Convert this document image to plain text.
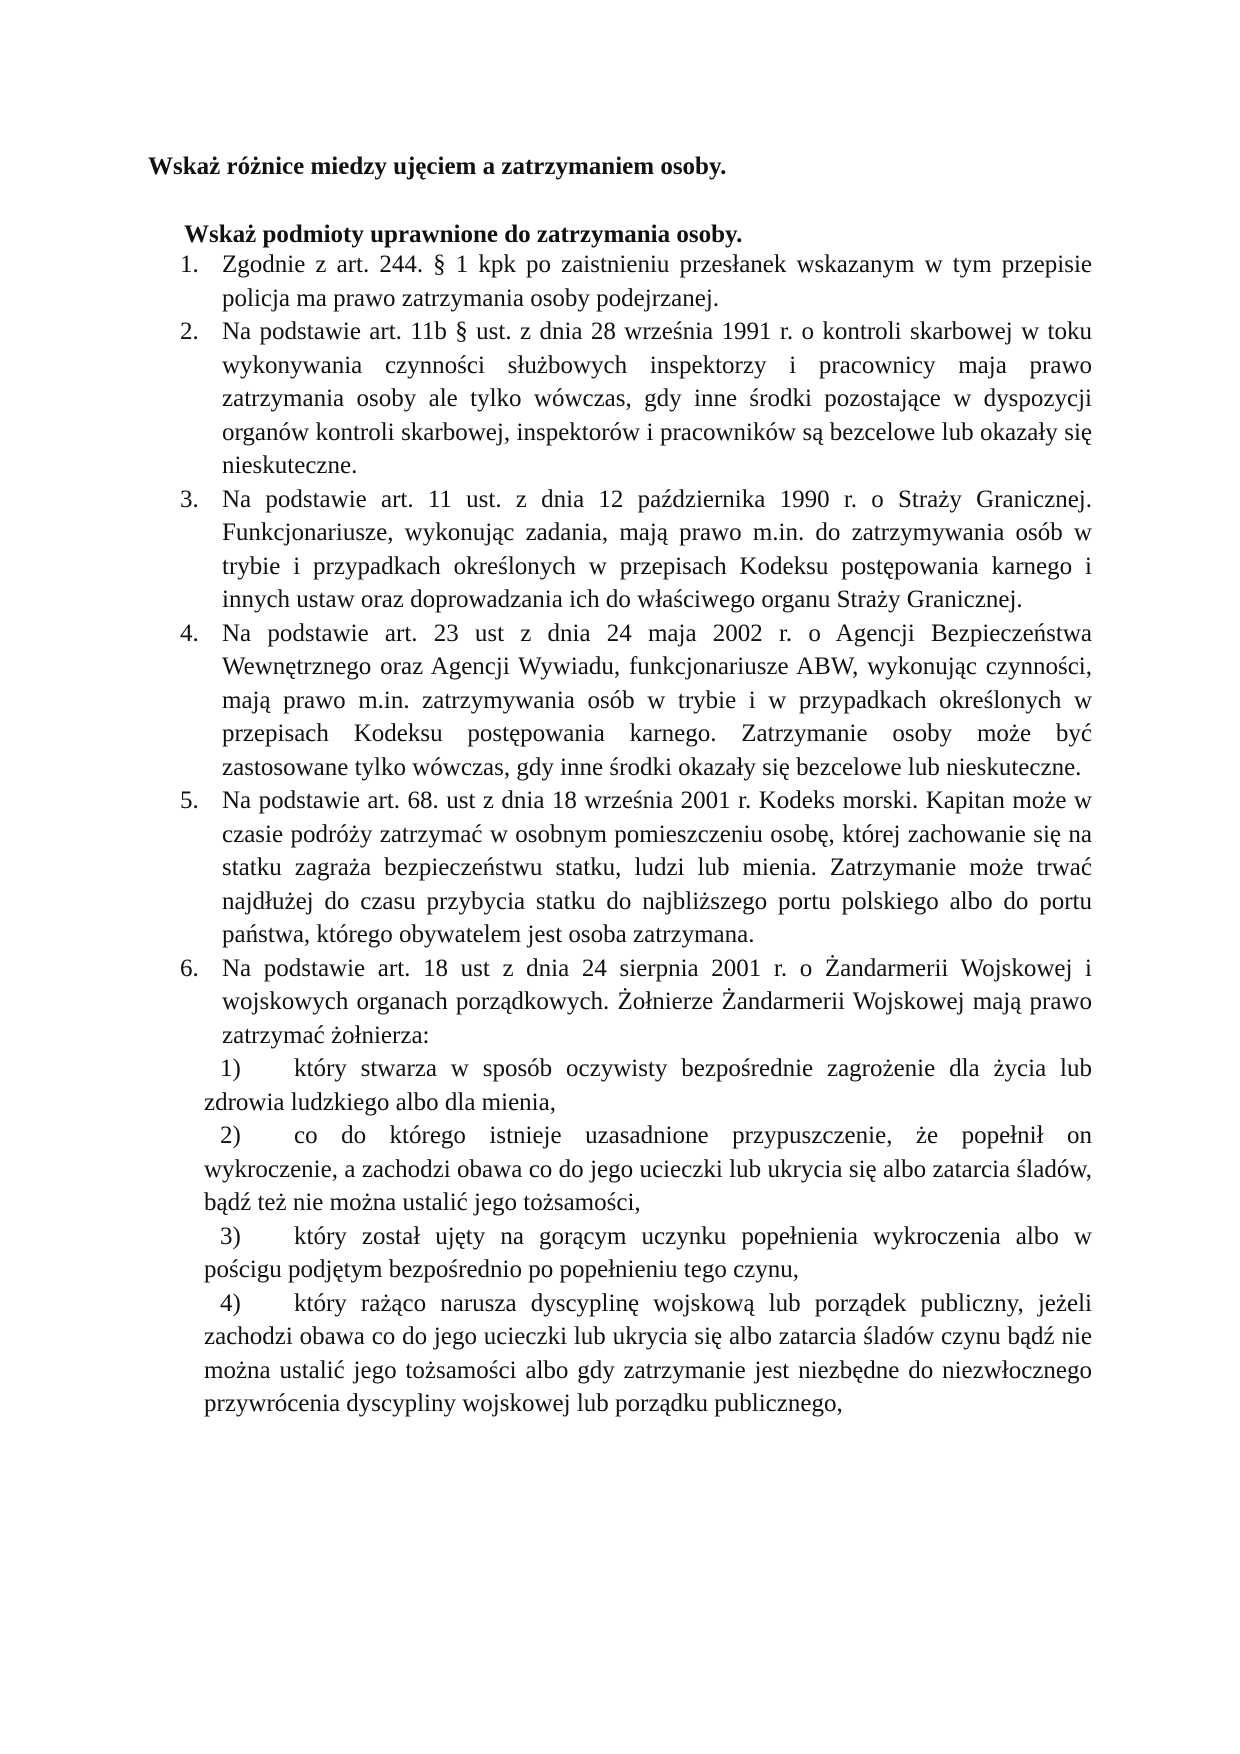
Wskaż różnice miedzy ujęciem a zatrzymaniem osoby.

Wskaż podmioty uprawnione do zatrzymania osoby.

1. Zgodnie z art. 244. § 1 kpk po zaistnieniu przesłanek wskazanym w tym przepisie policja ma prawo zatrzymania osoby podejrzanej.
2. Na podstawie art. 11b § ust. z dnia 28 września 1991 r. o kontroli skarbowej w toku wykonywania czynności służbowych inspektorzy i pracownicy maja prawo zatrzymania osoby ale tylko wówczas, gdy inne środki pozostające w dyspozycji organów kontroli skarbowej, inspektorów i pracowników są bezcelowe lub okazały się nieskuteczne.
3. Na podstawie art. 11 ust. z dnia 12 października 1990 r. o Straży Granicznej. Funkcjonariusze, wykonując zadania, mają prawo m.in. do zatrzymywania osób w trybie i przypadkach określonych w przepisach Kodeksu postępowania karnego i innych ustaw oraz doprowadzania ich do właściwego organu Straży Granicznej.
4. Na podstawie art. 23 ust z dnia 24 maja 2002 r. o Agencji Bezpieczeństwa Wewnętrznego oraz Agencji Wywiadu, funkcjonariusze ABW, wykonując czynności, mają prawo m.in. zatrzymywania osób w trybie i w przypadkach określonych w przepisach Kodeksu postępowania karnego. Zatrzymanie osoby może być zastosowane tylko wówczas, gdy inne środki okazały się bezcelowe lub nieskuteczne.
5. Na podstawie art. 68. ust z dnia 18 września 2001 r. Kodeks morski. Kapitan może w czasie podróży zatrzymać w osobnym pomieszczeniu osobę, której zachowanie się na statku zagraża bezpieczeństwu statku, ludzi lub mienia. Zatrzymanie może trwać najdłużej do czasu przybycia statku do najbliższego portu polskiego albo do portu państwa, którego obywatelem jest osoba zatrzymana.
6. Na podstawie art. 18 ust z dnia 24 sierpnia 2001 r. o Żandarmerii Wojskowej i wojskowych organach porządkowych. Żołnierze Żandarmerii Wojskowej mają prawo zatrzymać żołnierza:
1) który stwarza w sposób oczywisty bezpośrednie zagrożenie dla życia lub zdrowia ludzkiego albo dla mienia,
2) co do którego istnieje uzasadnione przypuszczenie, że popełnił on wykroczenie, a zachodzi obawa co do jego ucieczki lub ukrycia się albo zatarcia śladów, bądź też nie można ustalić jego tożsamości,
3) który został ujęty na gorącym uczynku popełnienia wykroczenia albo w pościgu podjętym bezpośrednio po popełnieniu tego czynu,
4) który rażąco narusza dyscyplinę wojskową lub porządek publiczny, jeżeli zachodzi obawa co do jego ucieczki lub ukrycia się albo zatarcia śladów czynu bądź nie można ustalić jego tożsamości albo gdy zatrzymanie jest niezbędne do niezwłocznego przywrócenia dyscypliny wojskowej lub porządku publicznego,
